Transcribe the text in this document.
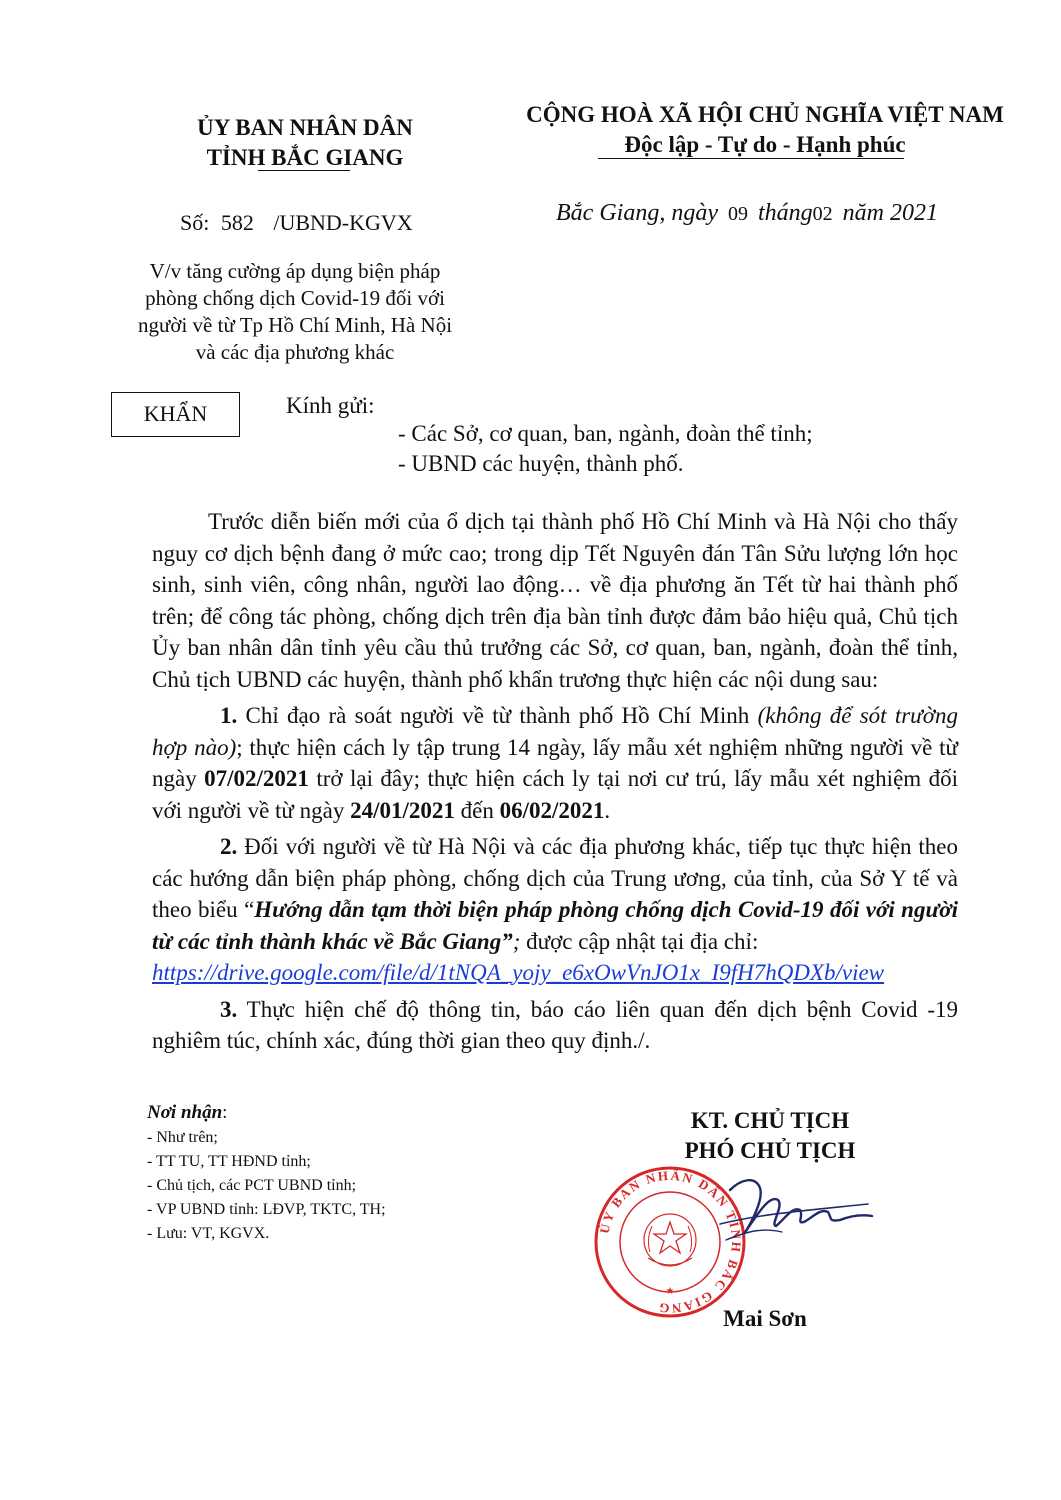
ỦY BAN NHÂN DÂN
TỈNH BẮC GIANG
CỘNG HOÀ XÃ HỘI CHỦ NGHĨA VIỆT NAM
Độc lập - Tự do - Hạnh phúc
Số: 582 /UBND-KGVX	Bắc Giang, ngày 09 tháng02 năm 2021
V/v tăng cường áp dụng biện pháp
phòng chống dịch Covid-19 đối với
người về từ Tp Hồ Chí Minh, Hà Nội
và các địa phương khác
KHẨN	Kính gửi:
- Các Sở, cơ quan, ban, ngành, đoàn thể tỉnh;
- UBND các huyện, thành phố.

Trước diễn biến mới của ổ dịch tại thành phố Hồ Chí Minh và Hà Nội cho thấy nguy cơ dịch bệnh đang ở mức cao; trong dịp Tết Nguyên đán Tân Sửu lượng lớn học sinh, sinh viên, công nhân, người lao động… về địa phương ăn Tết từ hai thành phố trên; để công tác phòng, chống dịch trên địa bàn tỉnh được đảm bảo hiệu quả, Chủ tịch Ủy ban nhân dân tỉnh yêu cầu thủ trưởng các Sở, cơ quan, ban, ngành, đoàn thể tỉnh, Chủ tịch UBND các huyện, thành phố khẩn trương thực hiện các nội dung sau:

1. Chỉ đạo rà soát người về từ thành phố Hồ Chí Minh (không để sót trường hợp nào); thực hiện cách ly tập trung 14 ngày, lấy mẫu xét nghiệm những người về từ ngày 07/02/2021 trở lại đây; thực hiện cách ly tại nơi cư trú, lấy mẫu xét nghiệm đối với người về từ ngày 24/01/2021 đến 06/02/2021.

2. Đối với người về từ Hà Nội và các địa phương khác, tiếp tục thực hiện theo các hướng dẫn biện pháp phòng, chống dịch của Trung ương, của tỉnh, của Sở Y tế và theo biểu “Hướng dẫn tạm thời biện pháp phòng chống dịch Covid-19 đối với người từ các tỉnh thành khác về Bắc Giang”; được cập nhật tại địa chỉ:
https://drive.google.com/file/d/1tNQA_yojy_e6xOwVnJO1x_I9fH7hQDXb/view

3. Thực hiện chế độ thông tin, báo cáo liên quan đến dịch bệnh Covid -19 nghiêm túc, chính xác, đúng thời gian theo quy định./.

Nơi nhận:
- Như trên;
- TT TU, TT HĐND tỉnh;
- Chủ tịch, các PCT UBND tỉnh;
- VP UBND tỉnh: LĐVP, TKTC, TH;
- Lưu: VT, KGVX.
KT. CHỦ TỊCH
PHÓ CHỦ TỊCH
ỦY BAN NHÂN DÂN TỈNH BẮC GIANG
★
Mai Sơn
